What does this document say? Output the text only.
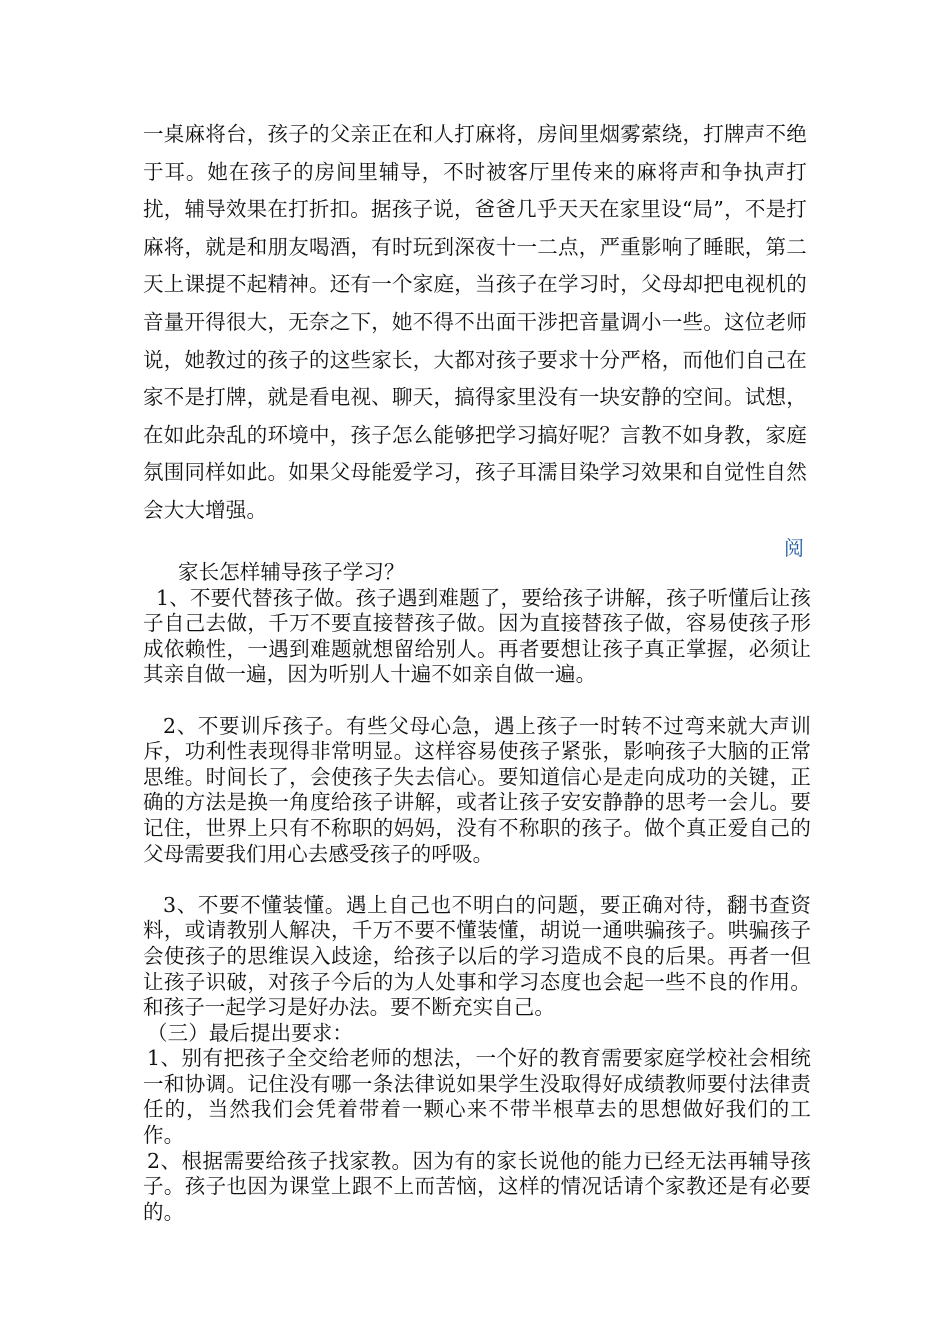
一桌麻将台，孩子的父亲正在和人打麻将，房间里烟雾萦绕，打牌声不绝于耳。她在孩子的房间里辅导，不时被客厅里传来的麻将声和争执声打扰，辅导效果在打折扣。据孩子说，爸爸几乎天天在家里设“局”，不是打麻将，就是和朋友喝酒，有时玩到深夜十一二点，严重影响了睡眠，第二天上课提不起精神。还有一个家庭，当孩子在学习时，父母却把电视机的音量开得很大，无奈之下，她不得不出面干涉把音量调小一些。这位老师说，她教过的孩子的这些家长，大都对孩子要求十分严格，而他们自己在家不是打牌，就是看电视、聊天，搞得家里没有一块安静的空间。试想，在如此杂乱的环境中，孩子怎么能够把学习搞好呢？言教不如身教，家庭氛围同样如此。如果父母能爱学习，孩子耳濡目染学习效果和自觉性自然会大大增强。

阅

家长怎样辅导孩子学习？

1、不要代替孩子做。孩子遇到难题了，要给孩子讲解，孩子听懂后让孩子自己去做，千万不要直接替孩子做。因为直接替孩子做，容易使孩子形成依赖性，一遇到难题就想留给别人。再者要想让孩子真正掌握，必须让其亲自做一遍，因为听别人十遍不如亲自做一遍。

2、不要训斥孩子。有些父母心急，遇上孩子一时转不过弯来就大声训斥，功利性表现得非常明显。这样容易使孩子紧张，影响孩子大脑的正常思维。时间长了，会使孩子失去信心。要知道信心是走向成功的关键，正确的方法是换一角度给孩子讲解，或者让孩子安安静静的思考一会儿。要记住，世界上只有不称职的妈妈，没有不称职的孩子。做个真正爱自己的父母需要我们用心去感受孩子的呼吸。

3、不要不懂装懂。遇上自己也不明白的问题，要正确对待，翻书查资料，或请教别人解决，千万不要不懂装懂，胡说一通哄骗孩子。哄骗孩子会使孩子的思维误入歧途，给孩子以后的学习造成不良的后果。再者一但让孩子识破，对孩子今后的为人处事和学习态度也会起一些不良的作用。和孩子一起学习是好办法。要不断充实自己。

（三）最后提出要求：

1、别有把孩子全交给老师的想法，一个好的教育需要家庭学校社会相统一和协调。记住没有哪一条法律说如果学生没取得好成绩教师要付法律责任的，当然我们会凭着带着一颗心来不带半根草去的思想做好我们的工作。

2、根据需要给孩子找家教。因为有的家长说他的能力已经无法再辅导孩子。孩子也因为课堂上跟不上而苦恼，这样的情况话请个家教还是有必要的。
